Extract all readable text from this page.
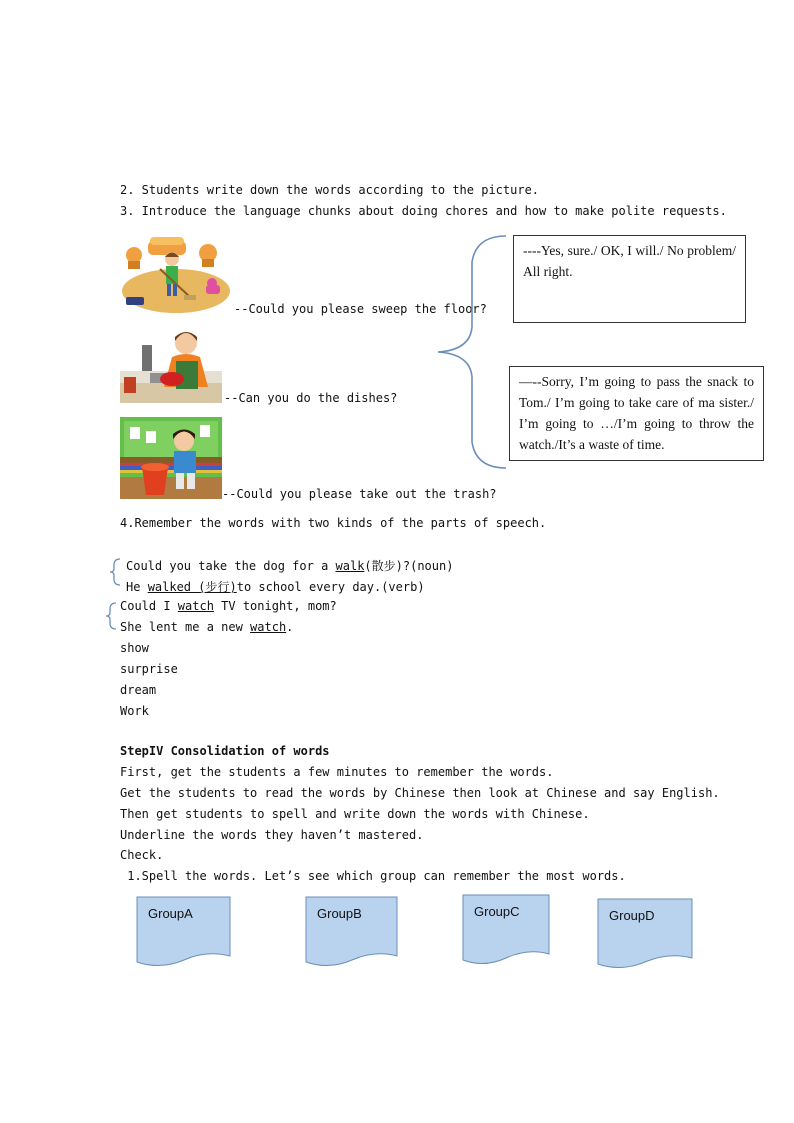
2. Students write down the words according to the picture.
3. Introduce the language chunks about doing chores and how to make polite requests.
--Could you please sweep the floor?
--Can you do the dishes?
--Could you please take out the trash?

----Yes, sure./ OK, I will./ No problem/ All right.

—--Sorry, I’m going to pass the snack to Tom./ I’m going to take care of ma sister./ I’m going to …/I’m going to throw the watch./It’s a waste of time.

4.Remember the words with two kinds of the parts of speech.
Could you take the dog for a walk(散步)?(noun)
He walked (步行)to school every day.(verb)
Could I watch TV tonight, mom?
She lent me a new watch.
show
surprise
dream
Work
StepIV Consolidation of words
First, get the students a few minutes to remember the words.
Get the students to read the words by Chinese then look at Chinese and say English.
Then get students to spell and write down the words with Chinese.
Underline the words they haven’t mastered.
Check.
1.Spell the words. Let’s see which group can remember the most words.
GroupA	GroupB	GroupC	GroupD
